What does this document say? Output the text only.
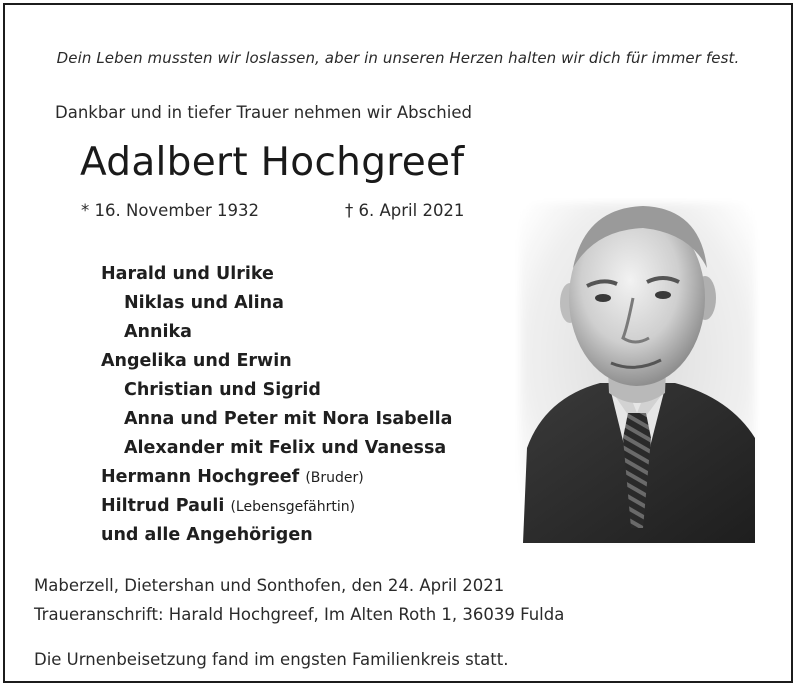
Dein Leben mussten wir loslassen, aber in unseren Herzen halten wir dich für immer fest.
Dankbar und in tiefer Trauer nehmen wir Abschied
Adalbert Hochgreef
* 16. November 1932	† 6. April 2021
Harald und Ulrike
Niklas und Alina
Annika
Angelika und Erwin
Christian und Sigrid
Anna und Peter mit Nora Isabella
Alexander mit Felix und Vanessa
Hermann Hochgreef (Bruder)
Hiltrud Pauli (Lebensgefährtin)
und alle Angehörigen
Maberzell, Dietershan und Sonthofen, den 24. April 2021
Traueranschrift: Harald Hochgreef, Im Alten Roth 1, 36039 Fulda
Die Urnenbeisetzung fand im engsten Familienkreis statt.
